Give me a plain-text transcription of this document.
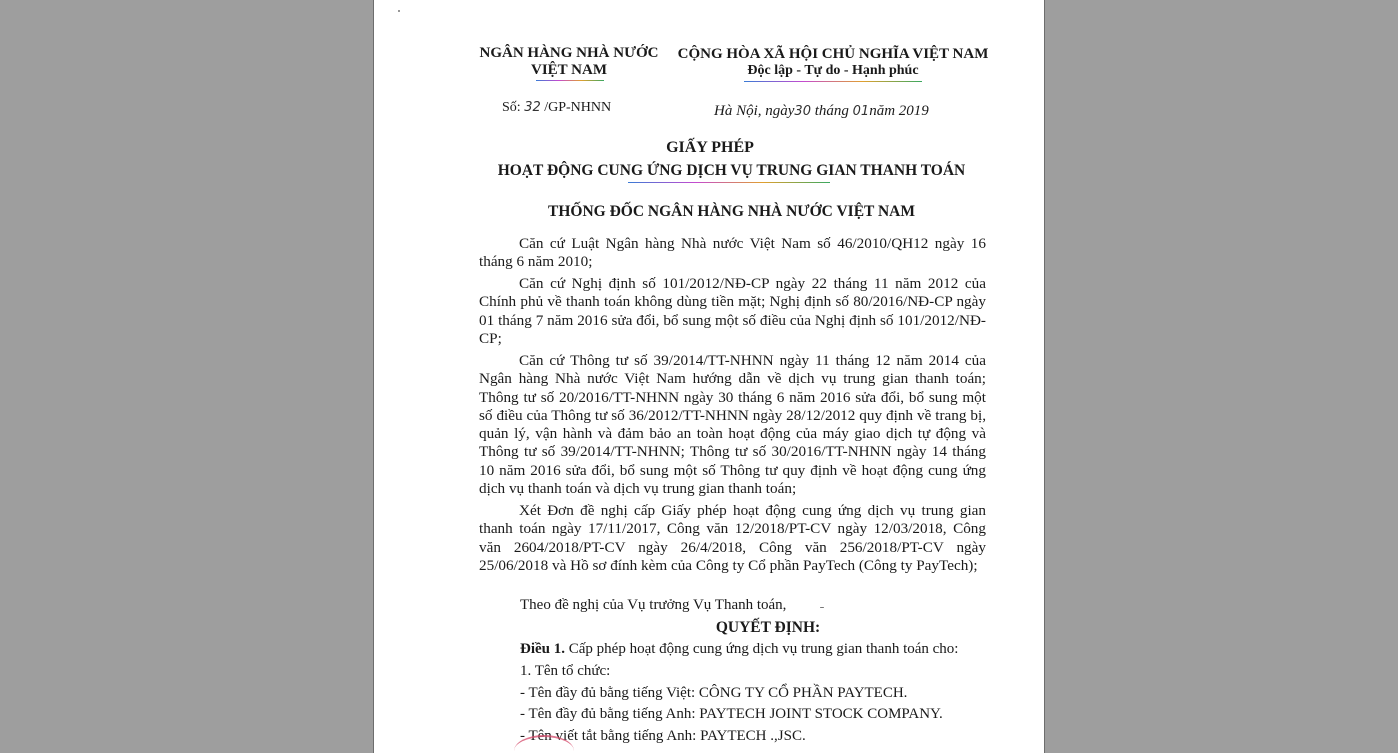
NGÂN HÀNG NHÀ NƯỚC
VIỆT NAM
CỘNG HÒA XÃ HỘI CHỦ NGHĨA VIỆT NAM
Độc lập - Tự do - Hạnh phúc
Số: 32 /GP-NHNN	Hà Nội, ngày30 tháng 01năm 2019
GIẤY PHÉP
HOẠT ĐỘNG CUNG ỨNG DỊCH VỤ TRUNG GIAN THANH TOÁN
THỐNG ĐỐC NGÂN HÀNG NHÀ NƯỚC VIỆT NAM
Căn cứ Luật Ngân hàng Nhà nước Việt Nam số 46/2010/QH12 ngày 16 tháng 6 năm 2010;
Căn cứ Nghị định số 101/2012/NĐ-CP ngày 22 tháng 11 năm 2012 của Chính phủ về thanh toán không dùng tiền mặt; Nghị định số 80/2016/NĐ-CP ngày 01 tháng 7 năm 2016 sửa đổi, bổ sung một số điều của Nghị định số 101/2012/NĐ-CP;
Căn cứ Thông tư số 39/2014/TT-NHNN ngày 11 tháng 12 năm 2014 của Ngân hàng Nhà nước Việt Nam hướng dẫn về dịch vụ trung gian thanh toán; Thông tư số 20/2016/TT-NHNN ngày 30 tháng 6 năm 2016 sửa đổi, bổ sung một số điều của Thông tư số 36/2012/TT-NHNN ngày 28/12/2012 quy định về trang bị, quản lý, vận hành và đảm bảo an toàn hoạt động của máy giao dịch tự động và Thông tư số 39/2014/TT-NHNN; Thông tư số 30/2016/TT-NHNN ngày 14 tháng 10 năm 2016 sửa đổi, bổ sung một số Thông tư quy định về hoạt động cung ứng dịch vụ thanh toán và dịch vụ trung gian thanh toán;
Xét Đơn đề nghị cấp Giấy phép hoạt động cung ứng dịch vụ trung gian thanh toán ngày 17/11/2017, Công văn 12/2018/PT-CV ngày 12/03/2018, Công văn 2604/2018/PT-CV ngày 26/4/2018, Công văn 256/2018/PT-CV ngày 25/06/2018 và Hồ sơ đính kèm của Công ty Cổ phần PayTech (Công ty PayTech);
Theo đề nghị của Vụ trưởng Vụ Thanh toán,
QUYẾT ĐỊNH:
Điều 1. Cấp phép hoạt động cung ứng dịch vụ trung gian thanh toán cho:
1. Tên tổ chức:
- Tên đầy đủ bằng tiếng Việt: CÔNG TY CỔ PHẦN PAYTECH.
- Tên đầy đủ bằng tiếng Anh: PAYTECH JOINT STOCK COMPANY.
- Tên viết tắt bằng tiếng Anh: PAYTECH .,JSC.
